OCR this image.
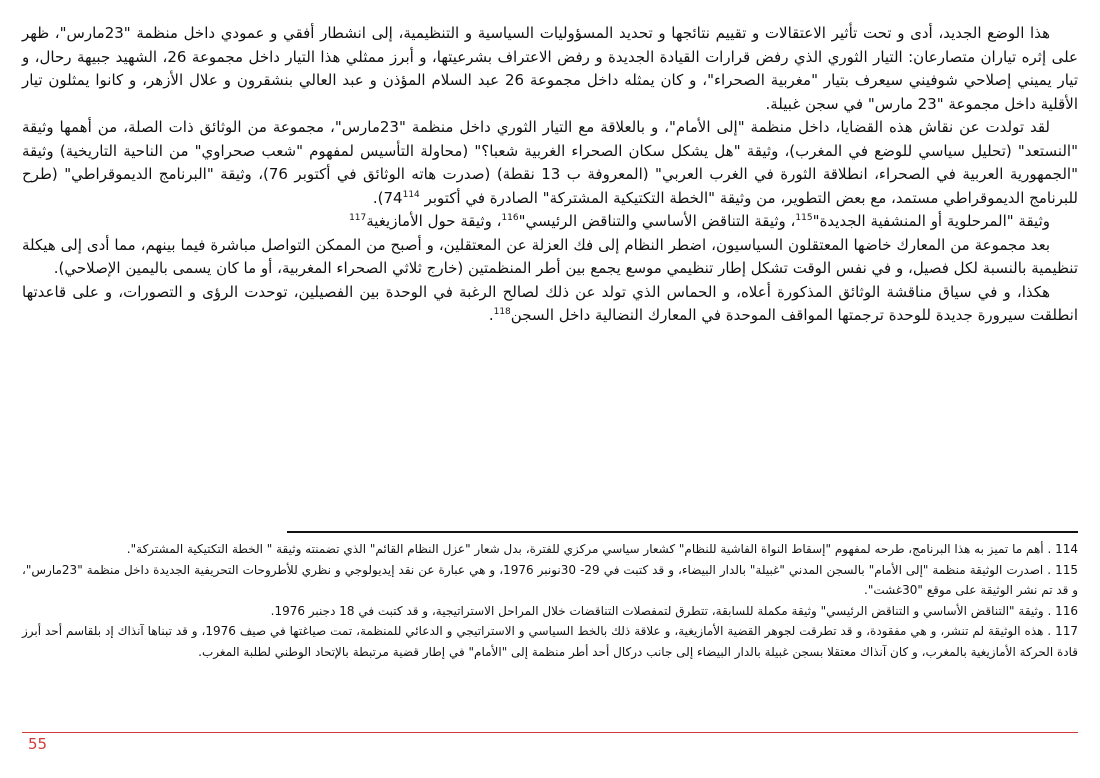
هذا الوضع الجديد، أدى و تحت تأثير الاعتقالات و تقييم نتائجها و تحديد المسؤوليات السياسية و التنظيمية، إلى انشطار أفقي و عمودي داخل منظمة "23مارس"، ظهر على إثره تياران متصارعان: التيار الثوري الذي رفض قرارات القيادة الجديدة و رفض الاعتراف بشرعيتها، و أبرز ممثلي هذا التيار داخل مجموعة 26، الشهيد جبيهة رحال، و تيار يميني إصلاحي شوفيني سيعرف بتيار "مغربية الصحراء"، و كان يمثله داخل مجموعة 26 عبد السلام المؤذن و عبد العالي بنشقرون و علال الأزهر، و كانوا يمثلون تيار الأقلية داخل مجموعة "23 مارس" في سجن غبيلة.

لقد تولدت عن نقاش هذه القضايا، داخل منظمة "إلى الأمام"، و بالعلاقة مع التيار الثوري داخل منظمة "23مارس"، مجموعة من الوثائق ذات الصلة، من أهمها وثيقة "النستعد" (تحليل سياسي للوضع في المغرب)، وثيقة "هل يشكل سكان الصحراء الغربية شعبا؟" (محاولة التأسيس لمفهوم "شعب صحراوي" من الناحية التاريخية) وثيقة "الجمهورية العربية في الصحراء، انطلاقة الثورة في الغرب العربي" (المعروفة ب 13 نقطة) (صدرت هاته الوثائق في أكتوبر 76)، وثيقة "البرنامج الديموقراطي" (طرح للبرنامج الديموقراطي مستمد، مع بعض التطوير، من وثيقة "الخطة التكتيكية المشتركة" الصادرة في أكتوبر $74^{114}$).

وثيقة "المرحلوية أو المنشفية الجديدة"$^{115}$، وثيقة التناقض الأساسي والتناقض الرئيسي"$^{116}$، وثيقة حول الأمازيغية$^{117}$

بعد مجموعة من المعارك خاضها المعتقلون السياسيون، اضطر النظام إلى فك العزلة عن المعتقلين، و أصبح من الممكن التواصل مباشرة فيما بينهم، مما أدى إلى هيكلة تنظيمية بالنسبة لكل فصيل، و في نفس الوقت تشكل إطار تنظيمي موسع يجمع بين أطر المنظمتين (خارج ثلاثي الصحراء المغربية، أو ما كان يسمى باليمين الإصلاحي).

هكذا، و في سياق مناقشة الوثائق المذكورة أعلاه، و الحماس الذي تولد عن ذلك لصالح الرغبة في الوحدة بين الفصيلين، توحدت الرؤى و التصورات، و على قاعدتها انطلقت سيرورة جديدة للوحدة ترجمتها المواقف الموحدة في المعارك النضالية داخل السجن$^{118}$.

114 . أهم ما تميز به هذا البرنامج، طرحه لمفهوم "إسقاط النواة الفاشية للنظام" كشعار سياسي مركزي للفترة، بدل شعار "عزل النظام القائم" الذي تضمنته وثيقة " الخطة التكتيكية المشتركة".

115 . اصدرت الوثيقة منظمة "إلى الأمام" بالسجن المدني "غبيلة" بالدار البيضاء، و قد كتبت في 29- 30نونبر 1976، و هي عبارة عن نقد إيديولوجي و نظري للأطروحات التحريفية الجديدة داخل منظمة "23مارس"، و قد تم نشر الوثيقة على موقع "30غشت".

116 . وثيقة "التناقض الأساسي و التناقض الرئيسي" وثيقة مكملة للسابقة، تتطرق لتمفصلات التناقضات خلال المراحل الاستراتيجية، و قد كتبت في 18 دجنبر 1976.

117 . هذه الوثيقة لم تنشر، و هي مفقودة، و قد تطرقت لجوهر القضية الأمازيغية، و علاقة ذلك بالخط السياسي و الاستراتيجي و الدعائي للمنظمة، تمت صياغتها في صيف 1976، و قد تبناها آنذاك إد بلقاسم أحد أبرز قادة الحركة الأمازيغية بالمغرب، و كان آنذاك معتقلا بسجن غبيلة بالدار البيضاء إلى جانب دركال أحد أطر منظمة إلى "الأمام" في إطار قضية مرتبطة بالإتحاد الوطني لطلبة المغرب.

55
